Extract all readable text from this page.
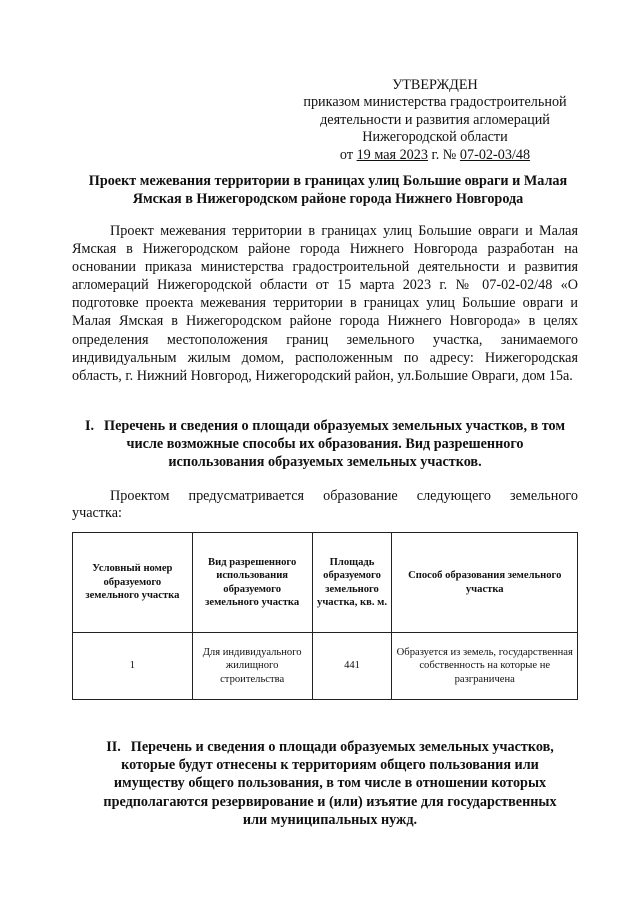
УТВЕРЖДЕН
приказом министерства градостроительной
деятельности и развития агломераций
Нижегородской области
от 19 мая 2023 г. № 07-02-03/48
Проект межевания территории в границах улиц Большие овраги и Малая
Ямская в Нижегородском районе города Нижнего Новгорода

Проект межевания территории в границах улиц Большие овраги и Малая Ямская в Нижегородском районе города Нижнего Новгорода разработан на основании приказа министерства градостроительной деятельности и развития агломераций Нижегородской области от 15 марта 2023 г. № 07-02-02/48 «О подготовке проекта межевания территории в границах улиц Большие овраги и Малая Ямская в Нижегородском районе города Нижнего Новгорода» в целях определения местоположения границ земельного участка, занимаемого индивидуальным жилым домом, расположенным по адресу: Нижегородская область, г. Нижний Новгород, Нижегородский район, ул.Большие Овраги, дом 15а.

I. Перечень и сведения о площади образуемых земельных участков, в том
числе возможные способы их образования. Вид разрешенного
использования образуемых земельных участков.

Проектом предусматривается образование следующего земельного

участка:

Условный номер образуемого земельного участка	Вид разрешенного использования образуемого земельного участка	Площадь образуемого земельного участка, кв. м.	Способ образования земельного участка
1	Для индивидуального жилищного строительства	441	Образуется из земель, государственная собственность на которые не разграничена
II. Перечень и сведения о площади образуемых земельных участков,
которые будут отнесены к территориям общего пользования или
имуществу общего пользования, в том числе в отношении которых
предполагаются резервирование и (или) изъятие для государственных
или муниципальных нужд.
